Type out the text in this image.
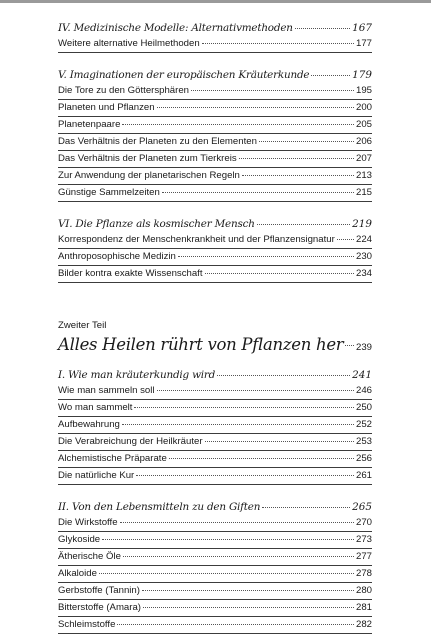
IV. Medizinische Modelle: Alternativmethoden	167
Weitere alternative Heilmethoden	177
V. Imaginationen der europäischen Kräuterkunde	179
Die Tore zu den Göttersphären	195
Planeten und Pflanzen	200
Planetenpaare	205
Das Verhältnis der Planeten zu den Elementen	206
Das Verhältnis der Planeten zum Tierkreis	207
Zur Anwendung der planetarischen Regeln	213
Günstige Sammelzeiten	215
VI. Die Pflanze als kosmischer Mensch	219
Korrespondenz der Menschenkrankheit und der Pflanzensignatur 224
Anthroposophische Medizin	230
Bilder kontra exakte Wissenschaft	234
Zweiter Teil
Alles Heilen rührt von Pflanzen her 239
I. Wie man kräuterkundig wird	241
Wie man sammeln soll	246
Wo man sammelt	250
Aufbewahrung	252
Die Verabreichung der Heilkräuter	253
Alchemistische Präparate	256
Die natürliche Kur	261
II. Von den Lebensmitteln zu den Giften	265
Die Wirkstoffe	270
Glykoside	273
Ätherische Öle	277
Alkaloide	278
Gerbstoffe (Tannin)	280
Bitterstoffe (Amara)	281
Schleimstoffe	282
